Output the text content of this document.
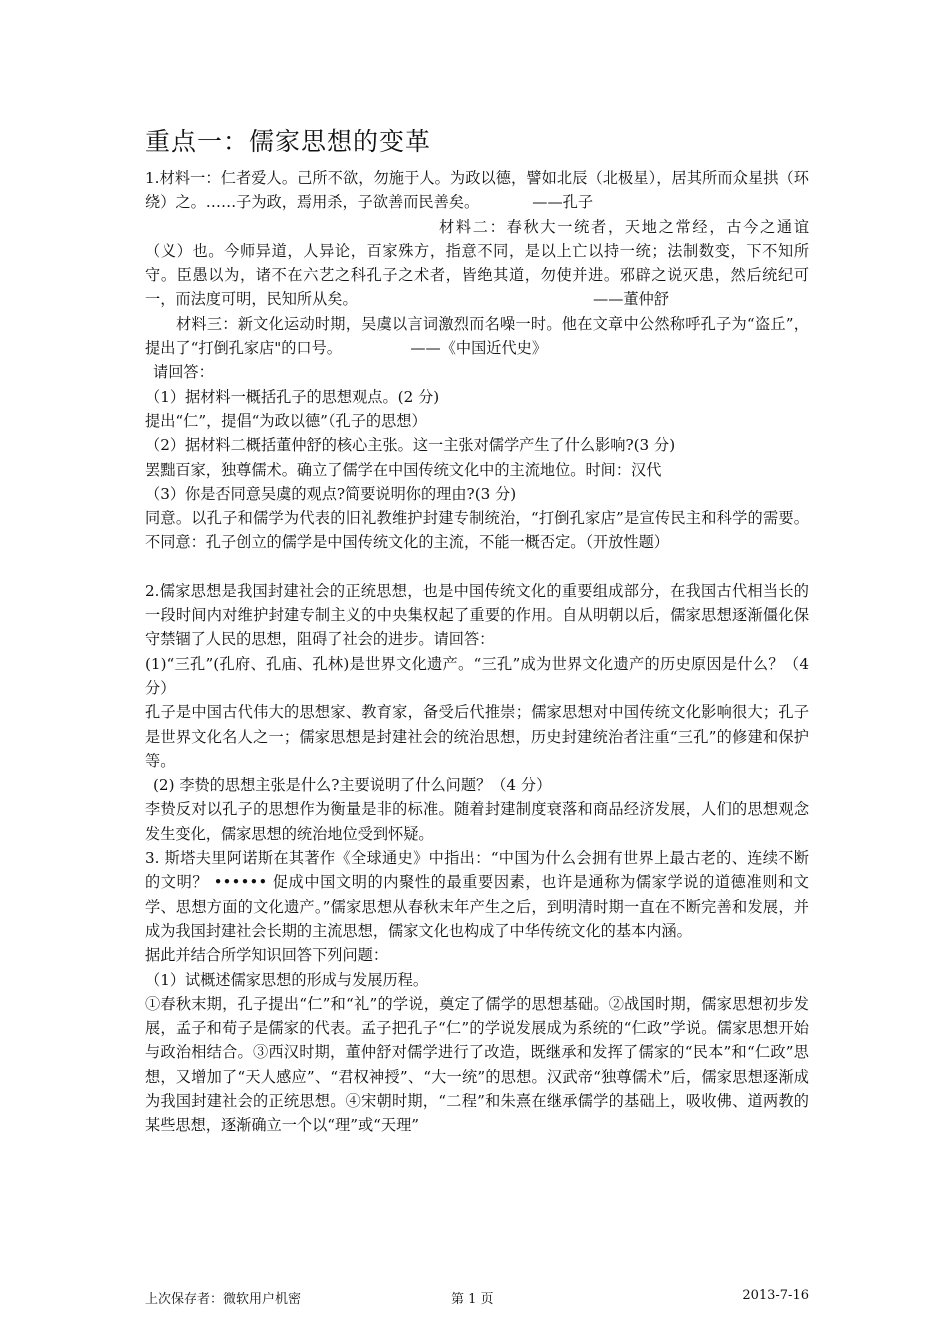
重点一：儒家思想的变革

1.材料一：仁者爱人。己所不欲，勿施于人。为政以德，譬如北辰（北极星），居其所而众星拱（环绕）之。……子为政，焉用杀，子欲善而民善矣。　　　　——孔子

材料二：春秋大一统者，天地之常经，古今之通谊（义）也。今师异道，人异论，百家殊方，指意不同，是以上亡以持一统；法制数变，下不知所守。臣愚以为，诸不在六艺之科孔子之术者，皆绝其道，勿使并进。邪辟之说灭患，然后统纪可一，而法度可明，民知所从矣。　　　　　　　　　　　　　　　　——董仲舒

材料三：新文化运动时期，吴虞以言词激烈而名噪一时。他在文章中公然称呼孔子为“盗丘”，提出了“打倒孔家店"的口号。　　　　　——《中国近代史》

请回答：

（1）据材料一概括孔子的思想观点。(2 分)

提出“仁”，提倡“为政以德”（孔子的思想）

（2）据材料二概括董仲舒的核心主张。这一主张对儒学产生了什么影响?(3 分)

罢黜百家，独尊儒术。确立了儒学在中国传统文化中的主流地位。时间：汉代

（3）你是否同意吴虞的观点?简要说明你的理由?(3 分)

同意。以孔子和儒学为代表的旧礼教维护封建专制统治，“打倒孔家店”是宣传民主和科学的需要。不同意：孔子创立的儒学是中国传统文化的主流，不能一概否定。（开放性题）

2.儒家思想是我国封建社会的正统思想，也是中国传统文化的重要组成部分，在我国古代相当长的一段时间内对维护封建专制主义的中央集权起了重要的作用。自从明朝以后，儒家思想逐渐僵化保守禁锢了人民的思想，阻碍了社会的进步。请回答：

(1)“三孔”(孔府、孔庙、孔林)是世界文化遗产。“三孔”成为世界文化遗产的历史原因是什么？（4 分）

孔子是中国古代伟大的思想家、教育家，备受后代推崇；儒家思想对中国传统文化影响很大；孔子是世界文化名人之一；儒家思想是封建社会的统治思想，历史封建统治者注重“三孔”的修建和保护等。

(2) 李贽的思想主张是什么?主要说明了什么问题？（4 分）

李贽反对以孔子的思想作为衡量是非的标准。随着封建制度衰落和商品经济发展，人们的思想观念发生变化，儒家思想的统治地位受到怀疑。

3. 斯塔夫里阿诺斯在其著作《全球通史》中指出：“中国为什么会拥有世界上最古老的、连续不断的文明？ •••••• 促成中国文明的内聚性的最重要因素，也许是通称为儒家学说的道德准则和文学、思想方面的文化遗产。”儒家思想从春秋末年产生之后，到明清时期一直在不断完善和发展，并成为我国封建社会长期的主流思想，儒家文化也构成了中华传统文化的基本内涵。

据此并结合所学知识回答下列问题：

（1）试概述儒家思想的形成与发展历程。

①春秋末期，孔子提出“仁”和“礼”的学说，奠定了儒学的思想基础。②战国时期，儒家思想初步发展，孟子和荀子是儒家的代表。孟子把孔子“仁”的学说发展成为系统的“仁政”学说。儒家思想开始与政治相结合。③西汉时期，董仲舒对儒学进行了改造，既继承和发挥了儒家的“民本”和“仁政”思想，又增加了“天人感应”、“君权神授”、“大一统”的思想。汉武帝“独尊儒术”后，儒家思想逐渐成为我国封建社会的正统思想。④宋朝时期，“二程”和朱熹在继承儒学的基础上，吸收佛、道两教的某些思想，逐渐确立一个以“理”或“天理”

上次保存者：微软用户机密	第 1 页	2013-7-16
